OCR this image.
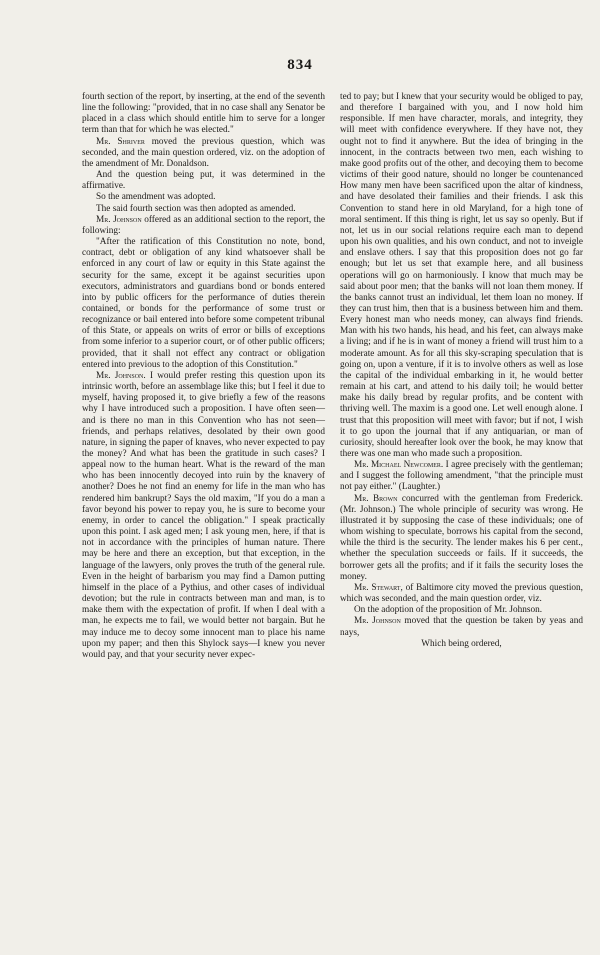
834

fourth section of the report, by inserting, at the end of the seventh line the following: "provided, that in no case shall any Senator be placed in a class which should entitle him to serve for a longer term than that for which he was elected."

Mr. Shriver moved the previous question, which was seconded, and the main question ordered, viz. on the adoption of the amendment of Mr. Donaldson.

And the question being put, it was determined in the affirmative.

So the amendment was adopted.

The said fourth section was then adopted as amended.

Mr. Johnson offered as an additional section to the report, the following:

"After the ratification of this Constitution no note, bond, contract, debt or obligation of any kind whatsoever shall be enforced in any court of law or equity in this State against the security for the same, except it be against securities upon executors, administrators and guardians bond or bonds entered into by public officers for the performance of duties therein contained, or bonds for the performance of some trust or recognizance or bail entered into before some competent tribunal of this State, or appeals on writs of error or bills of exceptions from some inferior to a superior court, or of other public officers; provided, that it shall not effect any contract or obligation entered into previous to the adoption of this Constitution."

Mr. Johnson. I would prefer resting this question upon its intrinsic worth, before an assemblage like this; but I feel it due to myself, having proposed it, to give briefly a few of the reasons why I have introduced such a proposition. I have often seen—and is there no man in this Convention who has not seen—friends, and perhaps relatives, desolated by their own good nature, in signing the paper of knaves, who never expected to pay the money? And what has been the gratitude in such cases? I appeal now to the human heart. What is the reward of the man who has been innocently decoyed into ruin by the knavery of another? Does he not find an enemy for life in the man who has rendered him bankrupt? Says the old maxim, "If you do a man a favor beyond his power to repay you, he is sure to become your enemy, in order to cancel the obligation." I speak practically upon this point. I ask aged men; I ask young men, here, if that is not in accordance with the principles of human nature. There may be here and there an exception, but that exception, in the language of the lawyers, only proves the truth of the general rule. Even in the height of barbarism you may find a Damon putting himself in the place of a Pythius, and other cases of individual devotion; but the rule in contracts between man and man, is to make them with the expectation of profit. If when I deal with a man, he expects me to fail, we would better not bargain. But he may induce me to decoy some innocent man to place his name upon my paper; and then this Shylock says—I knew you never would pay, and that your security never expec-

ted to pay; but I knew that your security would be obliged to pay, and therefore I bargained with you, and I now hold him responsible. If men have character, morals, and integrity, they will meet with confidence everywhere. If they have not, they ought not to find it anywhere. But the idea of bringing in the innocent, in the contracts between two men, each wishing to make good profits out of the other, and decoying them to become victims of their good nature, should no longer be countenanced How many men have been sacrificed upon the altar of kindness, and have desolated their families and their friends. I ask this Convention to stand here in old Maryland, for a high tone of moral sentiment. If this thing is right, let us say so openly. But if not, let us in our social relations require each man to depend upon his own qualities, and his own conduct, and not to inveigle and enslave others. I say that this proposition does not go far enough; but let us set that example here, and all business operations will go on harmoniously. I know that much may be said about poor men; that the banks will not loan them money. If the banks cannot trust an individual, let them loan no money. If they can trust him, then that is a business between him and them. Every honest man who needs money, can always find friends. Man with his two hands, his head, and his feet, can always make a living; and if he is in want of money a friend will trust him to a moderate amount. As for all this sky-scraping speculation that is going on, upon a venture, if it is to involve others as well as lose the capital of the individual embarking in it, he would better remain at his cart, and attend to his daily toil; he would better make his daily bread by regular profits, and be content with thriving well. The maxim is a good one. Let well enough alone. I trust that this proposition will meet with favor; but if not, I wish it to go upon the journal that if any antiquarian, or man of curiosity, should hereafter look over the book, he may know that there was one man who made such a proposition.

Mr. Michael Newcomer. I agree precisely with the gentleman; and I suggest the following amendment, "that the principle must not pay either." (Laughter.)

Mr. Brown concurred with the gentleman from Frederick. (Mr. Johnson.) The whole principle of security was wrong. He illustrated it by supposing the case of these individuals; one of whom wishing to speculate, borrows his capital from the second, while the third is the security. The lender makes his 6 per cent., whether the speculation succeeds or fails. If it succeeds, the borrower gets all the profits; and if it fails the security loses the money.

Mr. Stewart, of Baltimore city moved the previous question, which was seconded, and the main question order, viz.

On the adoption of the proposition of Mr. Johnson.

Mr. Johnson moved that the question be taken by yeas and nays,

Which being ordered,
